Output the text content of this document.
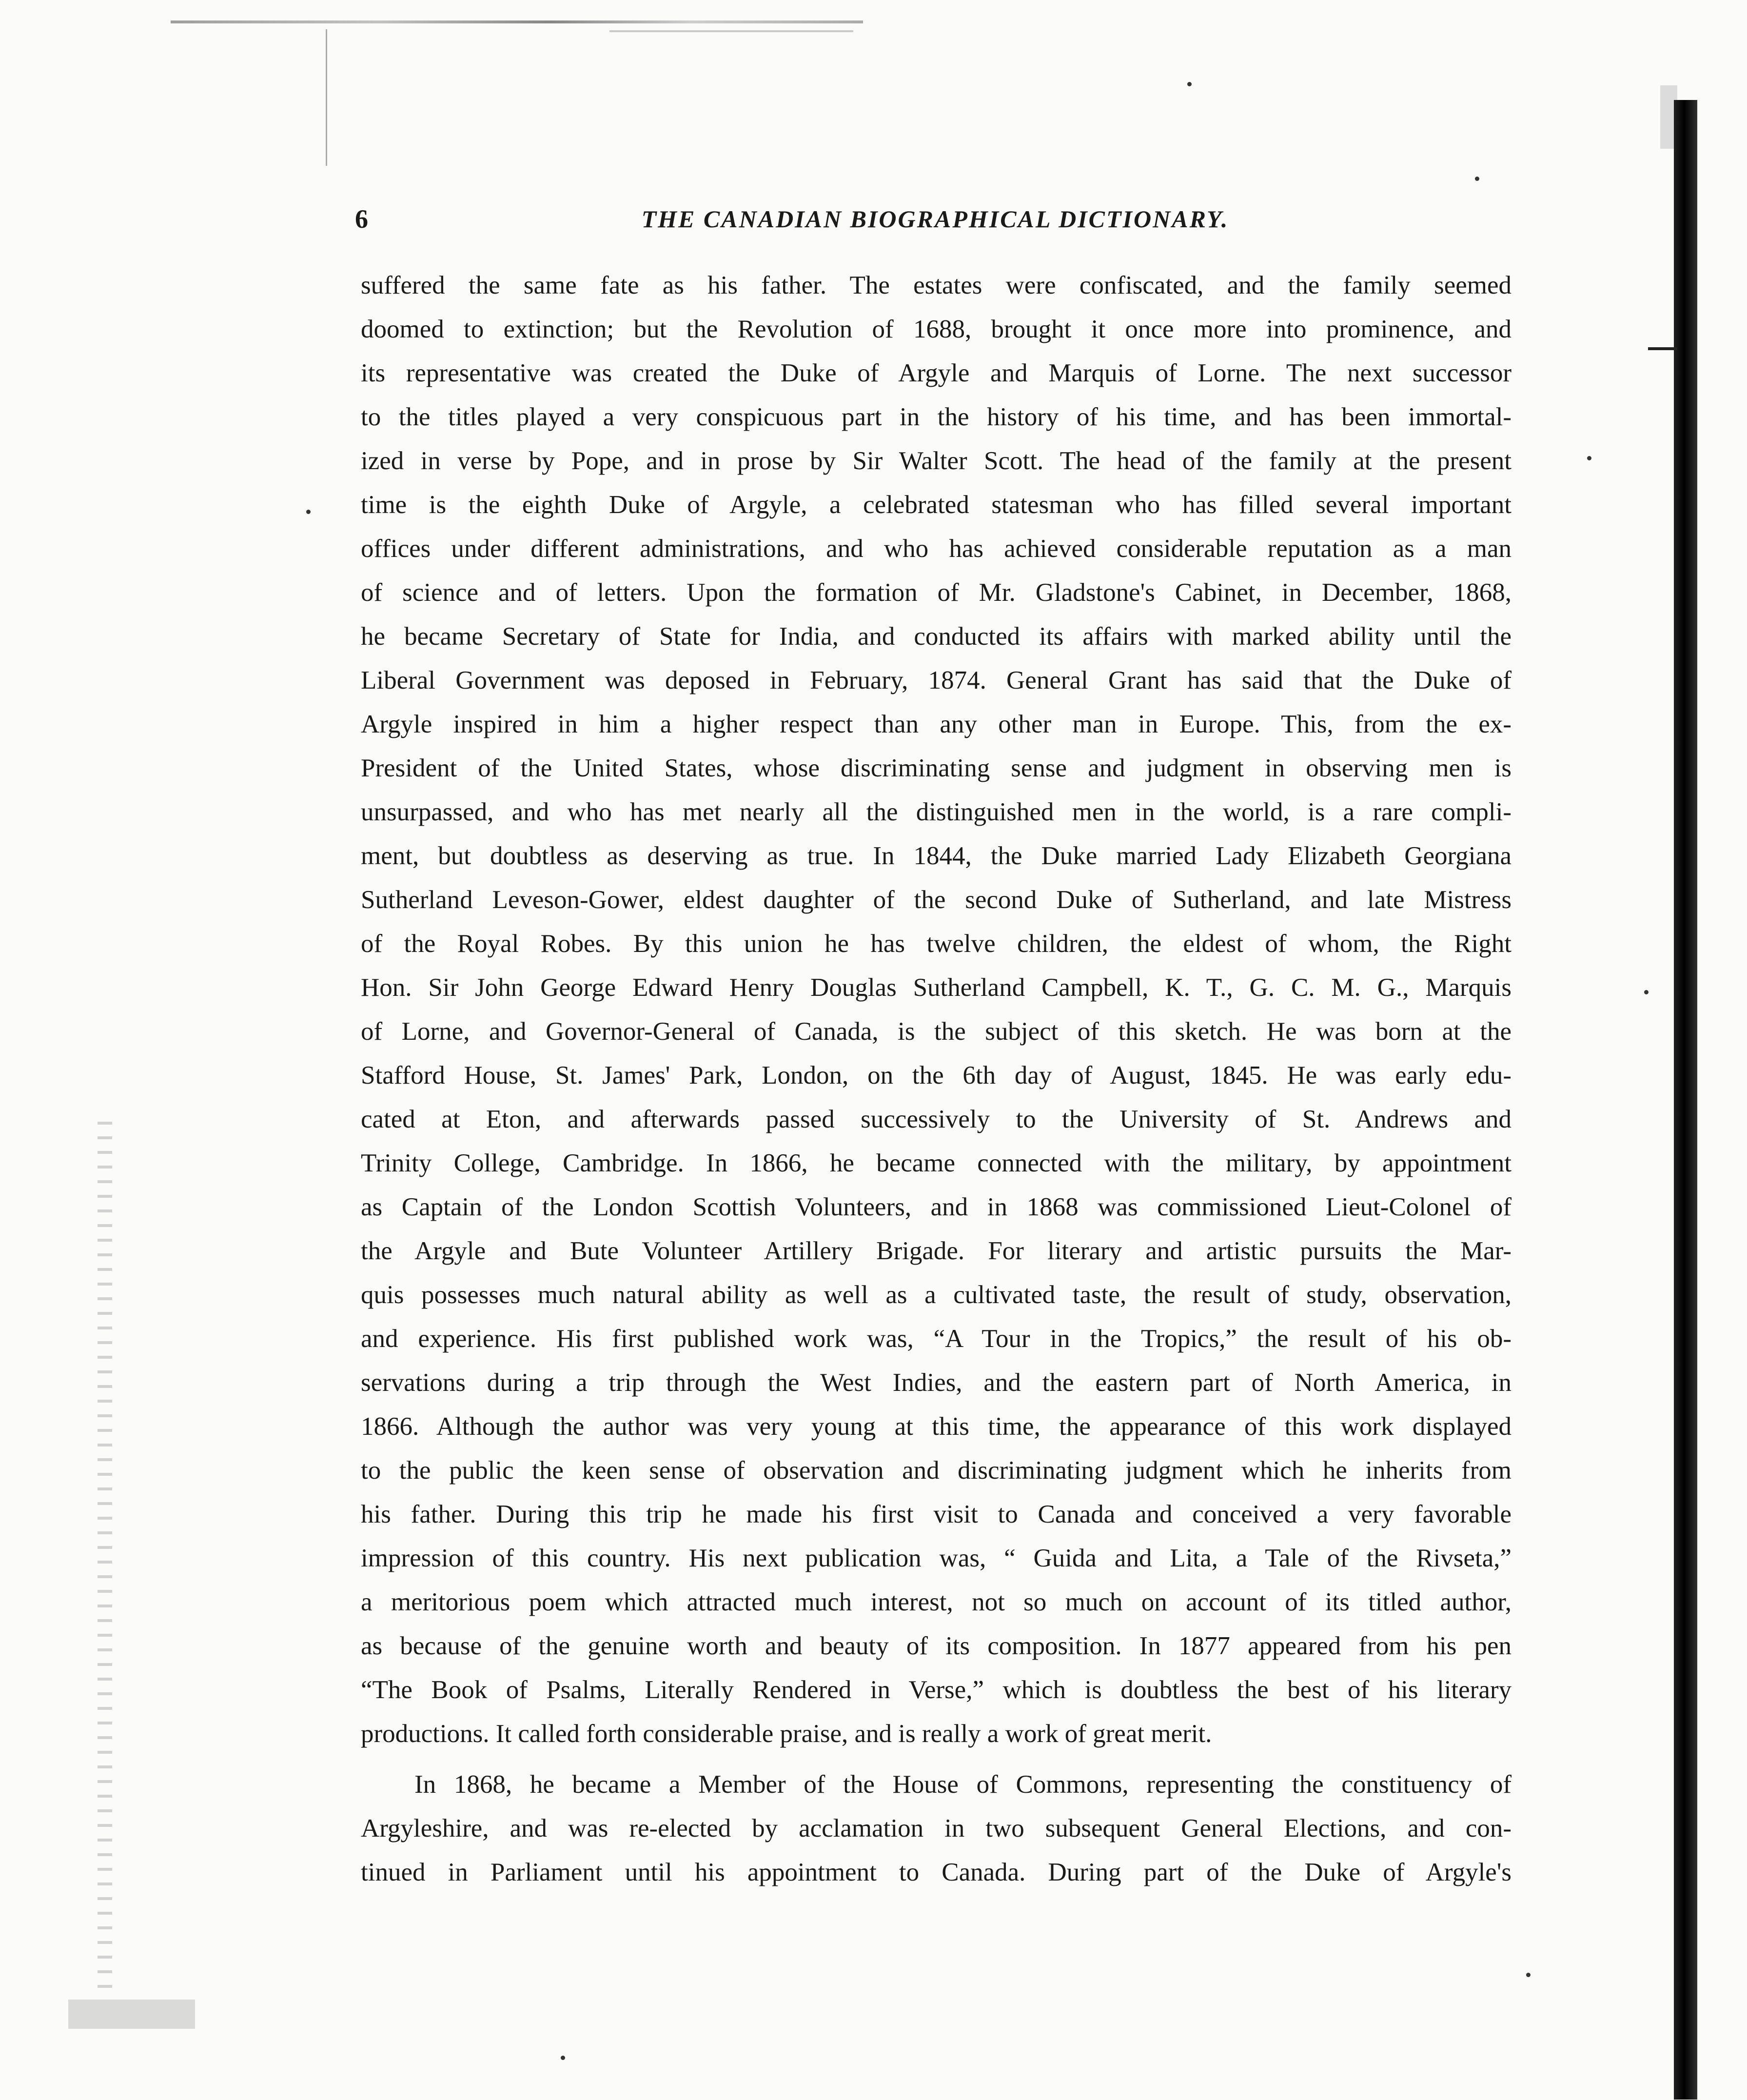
6	THE CANADIAN BIOGRAPHICAL DICTIONARY.
suffered the same fate as his father. The estates were confiscated, and the family seemed
doomed to extinction; but the Revolution of 1688, brought it once more into prominence, and
its representative was created the Duke of Argyle and Marquis of Lorne. The next successor
to the titles played a very conspicuous part in the history of his time, and has been immortal-
ized in verse by Pope, and in prose by Sir Walter Scott. The head of the family at the present
time is the eighth Duke of Argyle, a celebrated statesman who has filled several important
offices under different administrations, and who has achieved considerable reputation as a man
of science and of letters. Upon the formation of Mr. Gladstone's Cabinet, in December, 1868,
he became Secretary of State for India, and conducted its affairs with marked ability until the
Liberal Government was deposed in February, 1874. General Grant has said that the Duke of
Argyle inspired in him a higher respect than any other man in Europe. This, from the ex-
President of the United States, whose discriminating sense and judgment in observing men is
unsurpassed, and who has met nearly all the distinguished men in the world, is a rare compli-
ment, but doubtless as deserving as true. In 1844, the Duke married Lady Elizabeth Georgiana
Sutherland Leveson-Gower, eldest daughter of the second Duke of Sutherland, and late Mistress
of the Royal Robes. By this union he has twelve children, the eldest of whom, the Right
Hon. Sir John George Edward Henry Douglas Sutherland Campbell, K. T., G. C. M. G., Marquis
of Lorne, and Governor-General of Canada, is the subject of this sketch. He was born at the
Stafford House, St. James' Park, London, on the 6th day of August, 1845. He was early edu-
cated at Eton, and afterwards passed successively to the University of St. Andrews and
Trinity College, Cambridge. In 1866, he became connected with the military, by appointment
as Captain of the London Scottish Volunteers, and in 1868 was commissioned Lieut-Colonel of
the Argyle and Bute Volunteer Artillery Brigade. For literary and artistic pursuits the Mar-
quis possesses much natural ability as well as a cultivated taste, the result of study, observation,
and experience. His first published work was, “A Tour in the Tropics,” the result of his ob-
servations during a trip through the West Indies, and the eastern part of North America, in
1866. Although the author was very young at this time, the appearance of this work displayed
to the public the keen sense of observation and discriminating judgment which he inherits from
his father. During this trip he made his first visit to Canada and conceived a very favorable
impression of this country. His next publication was, “ Guida and Lita, a Tale of the Rivseta,”
a meritorious poem which attracted much interest, not so much on account of its titled author,
as because of the genuine worth and beauty of its composition. In 1877 appeared from his pen
“The Book of Psalms, Literally Rendered in Verse,” which is doubtless the best of his literary
productions. It called forth considerable praise, and is really a work of great merit.
In 1868, he became a Member of the House of Commons, representing the constituency of
Argyleshire, and was re-elected by acclamation in two subsequent General Elections, and con-
tinued in Parliament until his appointment to Canada. During part of the Duke of Argyle's
